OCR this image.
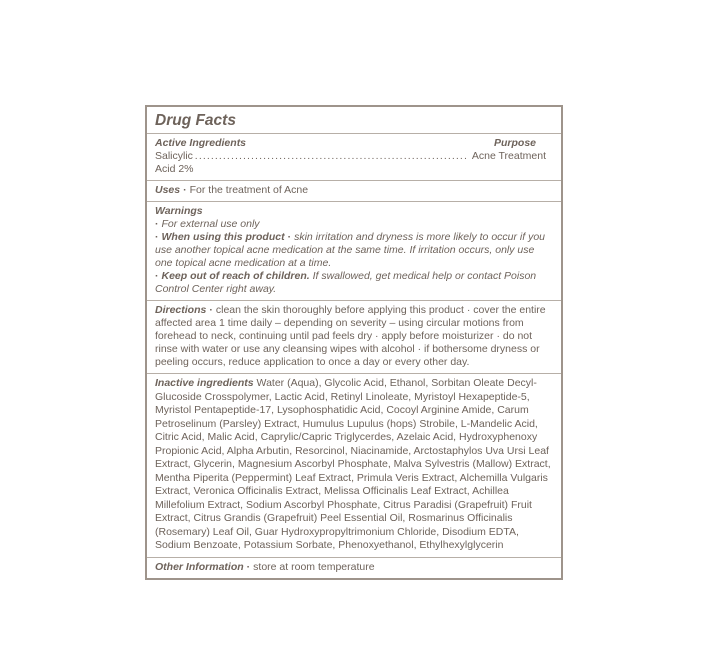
Drug Facts
Active Ingredients	Purpose
Salicylic Acid 2%
.....
Acne Treatment
Uses · For the treatment of Acne
Warnings
· For external use only
· When using this product · skin irritation and dryness is more likely to occur if you use another topical acne medication at the same time. If irritation occurs, only use one topical acne medication at a time.
· Keep out of reach of children. If swallowed, get medical help or contact Poison Control Center right away.
Directions · clean the skin thoroughly before applying this product · cover the entire affected area 1 time daily – depending on severity – using circular motions from forehead to neck, continuing until pad feels dry · apply before moisturizer · do not rinse with water or use any cleansing wipes with alcohol · if bothersome dryness or peeling occurs, reduce application to once a day or every other day.
Inactive ingredients Water (Aqua), Glycolic Acid, Ethanol, Sorbitan Oleate Decyl-Glucoside Crosspolymer, Lactic Acid, Retinyl Linoleate, Myristoyl Hexapeptide-5, Myristol Pentapeptide-17, Lysophosphatidic Acid, Cocoyl Arginine Amide, Carum Petroselinum (Parsley) Extract, Humulus Lupulus (hops) Strobile, L-Mandelic Acid, Citric Acid, Malic Acid, Caprylic/Capric Triglycerdes, Azelaic Acid, Hydroxyphenoxy Propionic Acid, Alpha Arbutin, Resorcinol, Niacinamide, Arctostaphylos Uva Ursi Leaf Extract, Glycerin, Magnesium Ascorbyl Phosphate, Malva Sylvestris (Mallow) Extract, Mentha Piperita (Peppermint) Leaf Extract, Primula Veris Extract, Alchemilla Vulgaris Extract, Veronica Officinalis Extract, Melissa Officinalis Leaf Extract, Achillea Millefolium Extract, Sodium Ascorbyl Phosphate, Citrus Paradisi (Grapefruit) Fruit Extract, Citrus Grandis (Grapefruit) Peel Essential Oil, Rosmarinus Officinalis (Rosemary) Leaf Oil, Guar Hydroxypropyltrimonium Chloride, Disodium EDTA, Sodium Benzoate, Potassium Sorbate, Phenoxyethanol, Ethylhexylglycerin
Other Information · store at room temperature
